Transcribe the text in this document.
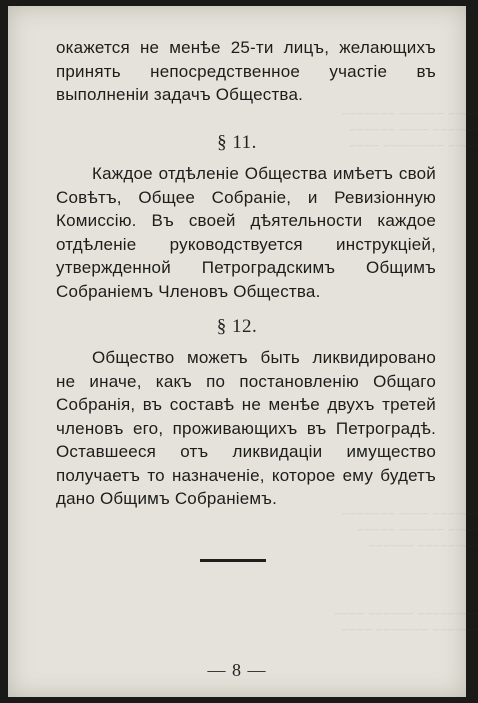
~~~~ ~~~~~~ ~~~~~~~
~~~~~~ ~~~~ ~~~~~~
~~~~ ~~~~~~~~ ~~~~
~~~~~~ ~~~~ ~~~~~~~
~~~~ ~~~~~~ ~~~~~
~~~~~~~~ ~~~~~~
~~~~~~~~ ~~~~~~ ~~~~
~~~~~~ ~~~~~~~ ~~~~
окажется не менѣе 25-ти лицъ, желающихъ принять непосредственное участіе въ выполненіи задачъ Общества.
§ 11.
Каждое отдѣленіе Общества имѣетъ свой Совѣтъ, Общее Собраніе, и Ревизіонную Комиссію. Въ своей дѣятельности каждое отдѣленіе руководствуется инструкціей, утвержденной Петроградскимъ Общимъ Собраніемъ Членовъ Общества.
§ 12.
Общество можетъ быть ликвидировано не иначе, какъ по постановленію Общаго Собранія, въ составѣ не менѣе двухъ третей членовъ его, проживающихъ въ Петроградѣ. Оставшееся отъ ликвидаціи имущество получаетъ то назначеніе, которое ему будетъ дано Общимъ Собраніемъ.
— 8 —
